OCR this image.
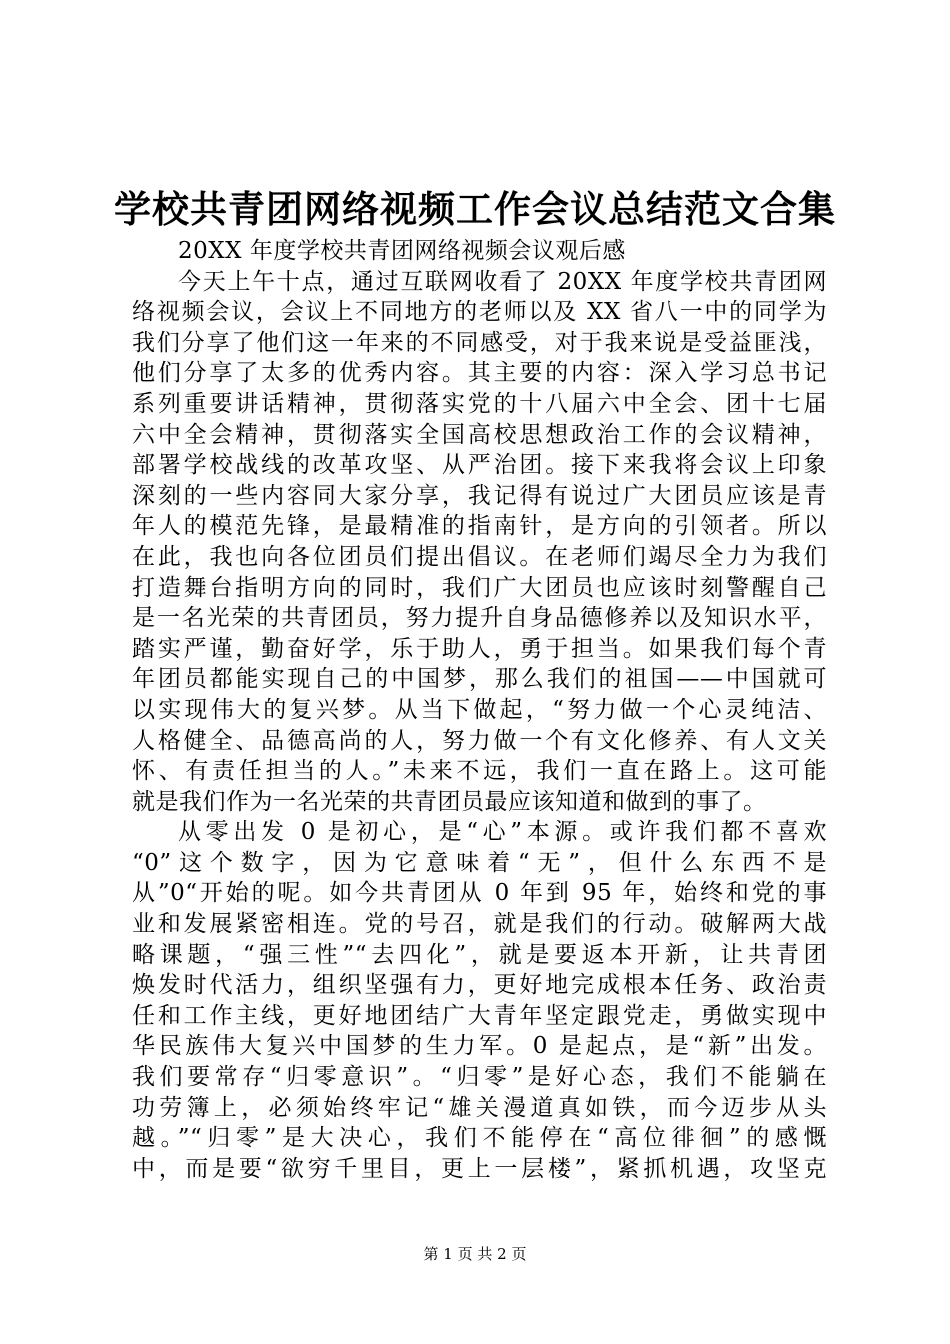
学校共青团网络视频工作会议总结范文合集
20XX 年度学校共青团网络视频会议观后感
今天上午十点，通过互联网收看了 20XX 年度学校共青团网
络视频会议，会议上不同地方的老师以及 XX 省八一中的同学为
我们分享了他们这一年来的不同感受，对于我来说是受益匪浅，
他们分享了太多的优秀内容。其主要的内容：深入学习总书记
系列重要讲话精神，贯彻落实党的十八届六中全会、团十七届
六中全会精神，贯彻落实全国高校思想政治工作的会议精神，
部署学校战线的改革攻坚、从严治团。接下来我将会议上印象
深刻的一些内容同大家分享，我记得有说过广大团员应该是青
年人的模范先锋，是最精准的指南针，是方向的引领者。所以
在此，我也向各位团员们提出倡议。在老师们竭尽全力为我们
打造舞台指明方向的同时，我们广大团员也应该时刻警醒自己
是一名光荣的共青团员，努力提升自身品德修养以及知识水平，
踏实严谨，勤奋好学，乐于助人，勇于担当。如果我们每个青
年团员都能实现自己的中国梦，那么我们的祖国——中国就可
以实现伟大的复兴梦。从当下做起，“努力做一个心灵纯洁、
人格健全、品德高尚的人，努力做一个有文化修养、有人文关
怀、有责任担当的人。”未来不远，我们一直在路上。这可能
就是我们作为一名光荣的共青团员最应该知道和做到的事了。
从零出发 0 是初心，是“心”本源。或许我们都不喜欢
“0”这个数字，因为它意味着“无”，但什么东西不是
从”0“开始的呢。如今共青团从 0 年到 95 年，始终和党的事
业和发展紧密相连。党的号召，就是我们的行动。破解两大战
略课题，“强三性”“去四化”，就是要返本开新，让共青团
焕发时代活力，组织坚强有力，更好地完成根本任务、政治责
任和工作主线，更好地团结广大青年坚定跟党走，勇做实现中
华民族伟大复兴中国梦的生力军。0 是起点，是“新”出发。
我们要常存“归零意识”。“归零”是好心态，我们不能躺在
功劳簿上，必须始终牢记“雄关漫道真如铁，而今迈步从头
越。”“归零”是大决心，我们不能停在“高位徘徊”的感慨
中，而是要“欲穷千里目，更上一层楼”，紧抓机遇，攻坚克
第 1 页 共 2 页
